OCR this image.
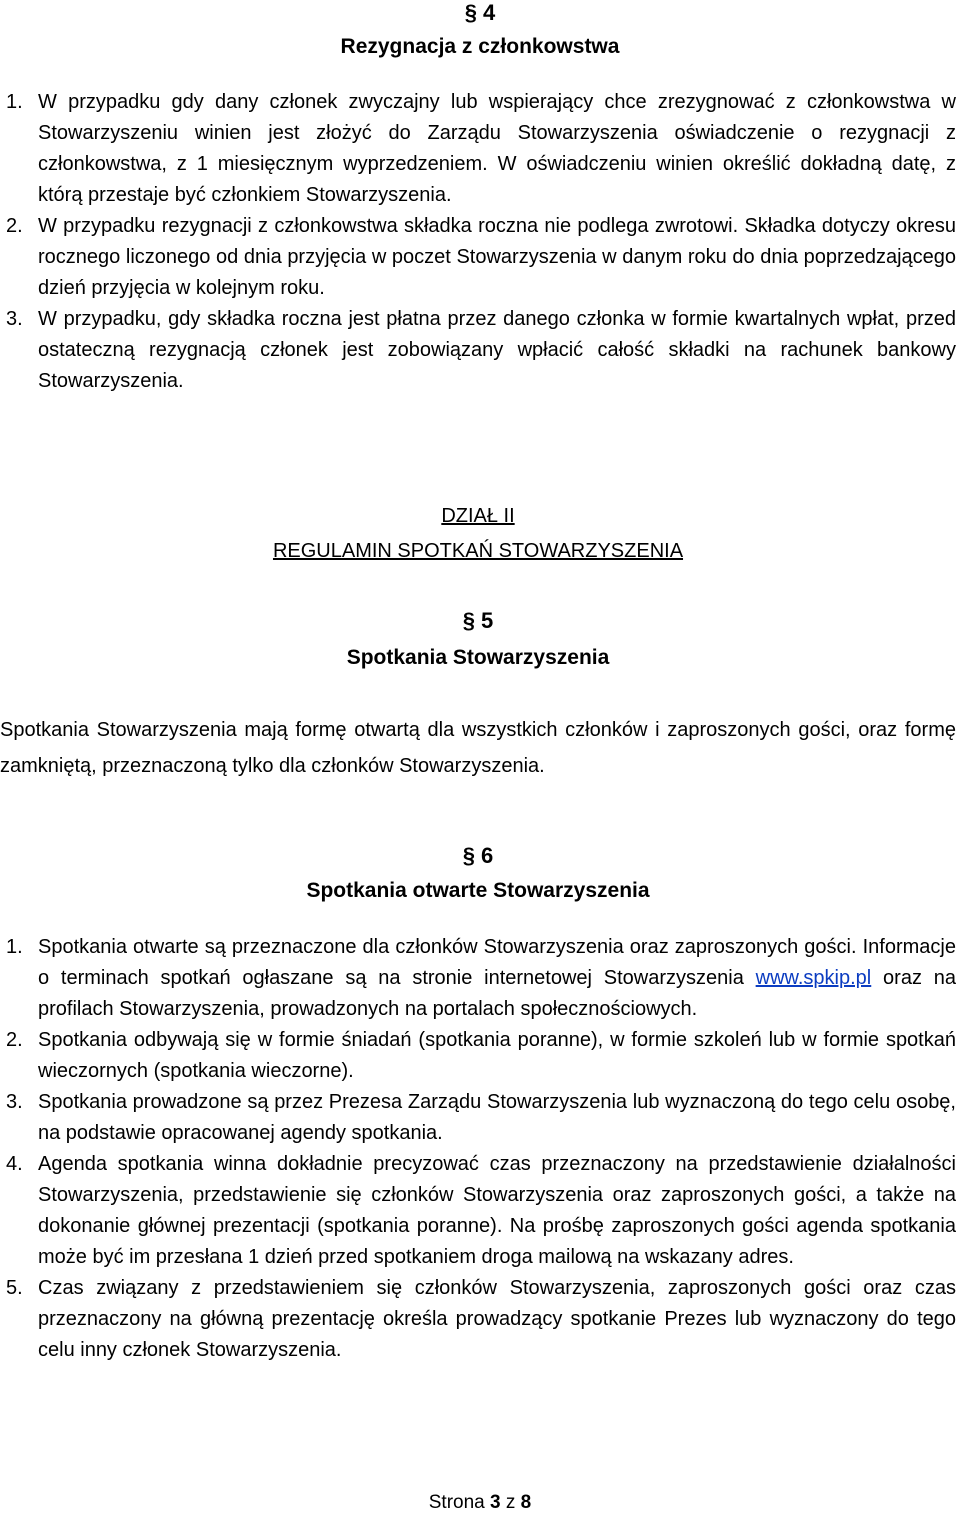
§ 4
Rezygnacja z członkowstwa
1. W przypadku gdy dany członek zwyczajny lub wspierający chce zrezygnować z członkowstwa w Stowarzyszeniu winien jest złożyć do Zarządu Stowarzyszenia oświadczenie o rezygnacji z członkowstwa, z 1 miesięcznym wyprzedzeniem. W oświadczeniu winien określić dokładną datę, z którą przestaje być członkiem Stowarzyszenia.
2. W przypadku rezygnacji z członkowstwa składka roczna nie podlega zwrotowi. Składka dotyczy okresu rocznego liczonego od dnia przyjęcia w poczet Stowarzyszenia w danym roku do dnia poprzedzającego dzień przyjęcia w kolejnym roku.
3. W przypadku, gdy składka roczna jest płatna przez danego członka w formie kwartalnych wpłat, przed ostateczną rezygnacją członek jest zobowiązany wpłacić całość składki na rachunek bankowy Stowarzyszenia.
DZIAŁ II
REGULAMIN SPOTKAŃ STOWARZYSZENIA
§ 5
Spotkania Stowarzyszenia
Spotkania Stowarzyszenia mają formę otwartą dla wszystkich członków i zaproszonych gości, oraz formę zamkniętą, przeznaczoną tylko dla członków Stowarzyszenia.
§ 6
Spotkania otwarte Stowarzyszenia
1. Spotkania otwarte są przeznaczone dla członków Stowarzyszenia oraz zaproszonych gości. Informacje o terminach spotkań ogłaszane są na stronie internetowej Stowarzyszenia www.spkip.pl oraz na profilach Stowarzyszenia, prowadzonych na portalach społecznościowych.
2. Spotkania odbywają się w formie śniadań (spotkania poranne), w formie szkoleń lub w formie spotkań wieczornych (spotkania wieczorne).
3. Spotkania prowadzone są przez Prezesa Zarządu Stowarzyszenia lub wyznaczoną do tego celu osobę, na podstawie opracowanej agendy spotkania.
4. Agenda spotkania winna dokładnie precyzować czas przeznaczony na przedstawienie działalności Stowarzyszenia, przedstawienie się członków Stowarzyszenia oraz zaproszonych gości, a także na dokonanie głównej prezentacji (spotkania poranne). Na prośbę zaproszonych gości agenda spotkania może być im przesłana 1 dzień przed spotkaniem droga mailową na wskazany adres.
5. Czas związany z przedstawieniem się członków Stowarzyszenia, zaproszonych gości oraz czas przeznaczony na główną prezentację określa prowadzący spotkanie Prezes lub wyznaczony do tego celu inny członek Stowarzyszenia.
Strona 3 z 8
